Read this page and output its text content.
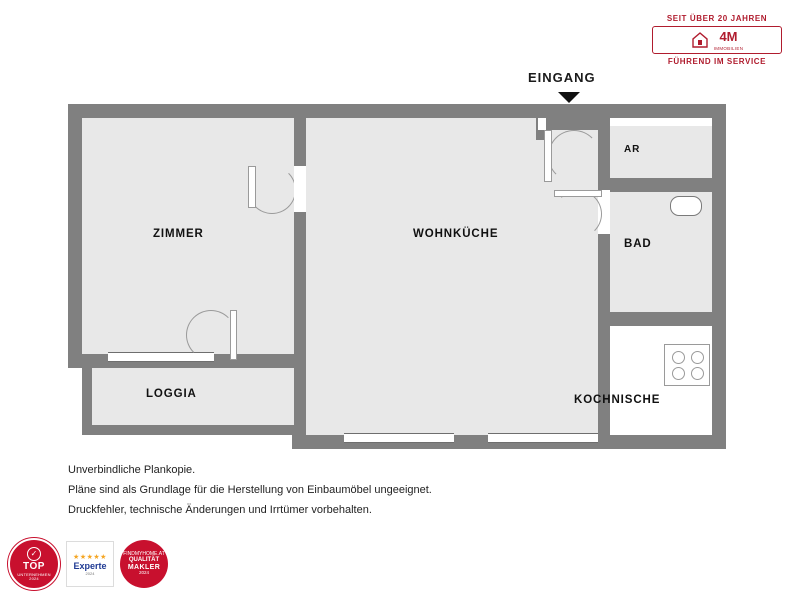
SEIT ÜBER 20 JAHREN
4M
IMMOBILIEN
FÜHREND IM SERVICE
EINGANG
ZIMMER	WOHNKÜCHE
AR
BAD
LOGGIA	KOCHNISCHE
Unverbindliche Plankopie.
Pläne sind als Grundlage für die Herstellung von Einbaumöbel ungeeignet.
Druckfehler, technische Änderungen und Irrtümer vorbehalten.
✓
TOP
UNTERNEHMEN
2024
★★★★★
Experte
2024
FINDMYHOME.AT
QUALITÄT
MAKLER
2024
